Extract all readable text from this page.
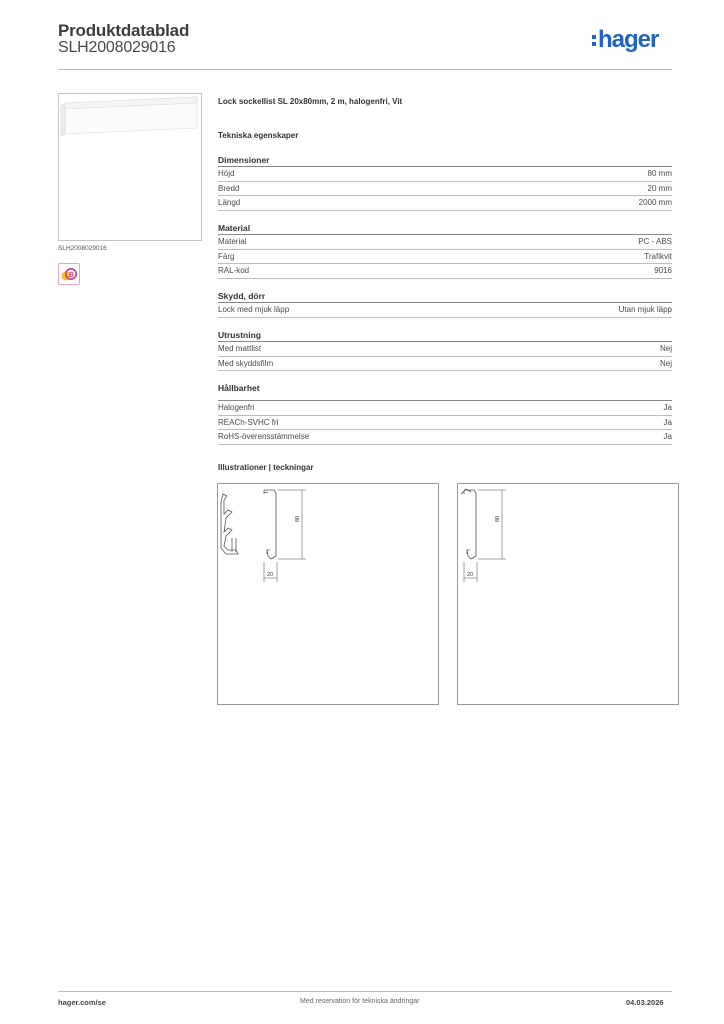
Produktdatablad
SLH2008029016	hager
SLH2008029016
B
Lock sockellist SL 20x80mm, 2 m, halogenfri, Vit
Tekniska egenskaper
Dimensioner
Höjd	80 mm
Bredd	20 mm
Längd	2000 mm
Material
Material	PC - ABS
Färg	Trafikvit
RAL-kod	9016
Skydd, dörr
Lock med mjuk läpp	Utan mjuk läpp
Utrustning
Med mattlist	Nej
Med skyddsfilm	Nej
Hållbarhet
Halogenfri	Ja
REACh-SVHC fri	Ja
RoHS-överensstämmelse	Ja
Illustrationer | teckningar
80
20
80
20
hager.com/se	Med reservation för tekniska ändringar	04.03.2026
